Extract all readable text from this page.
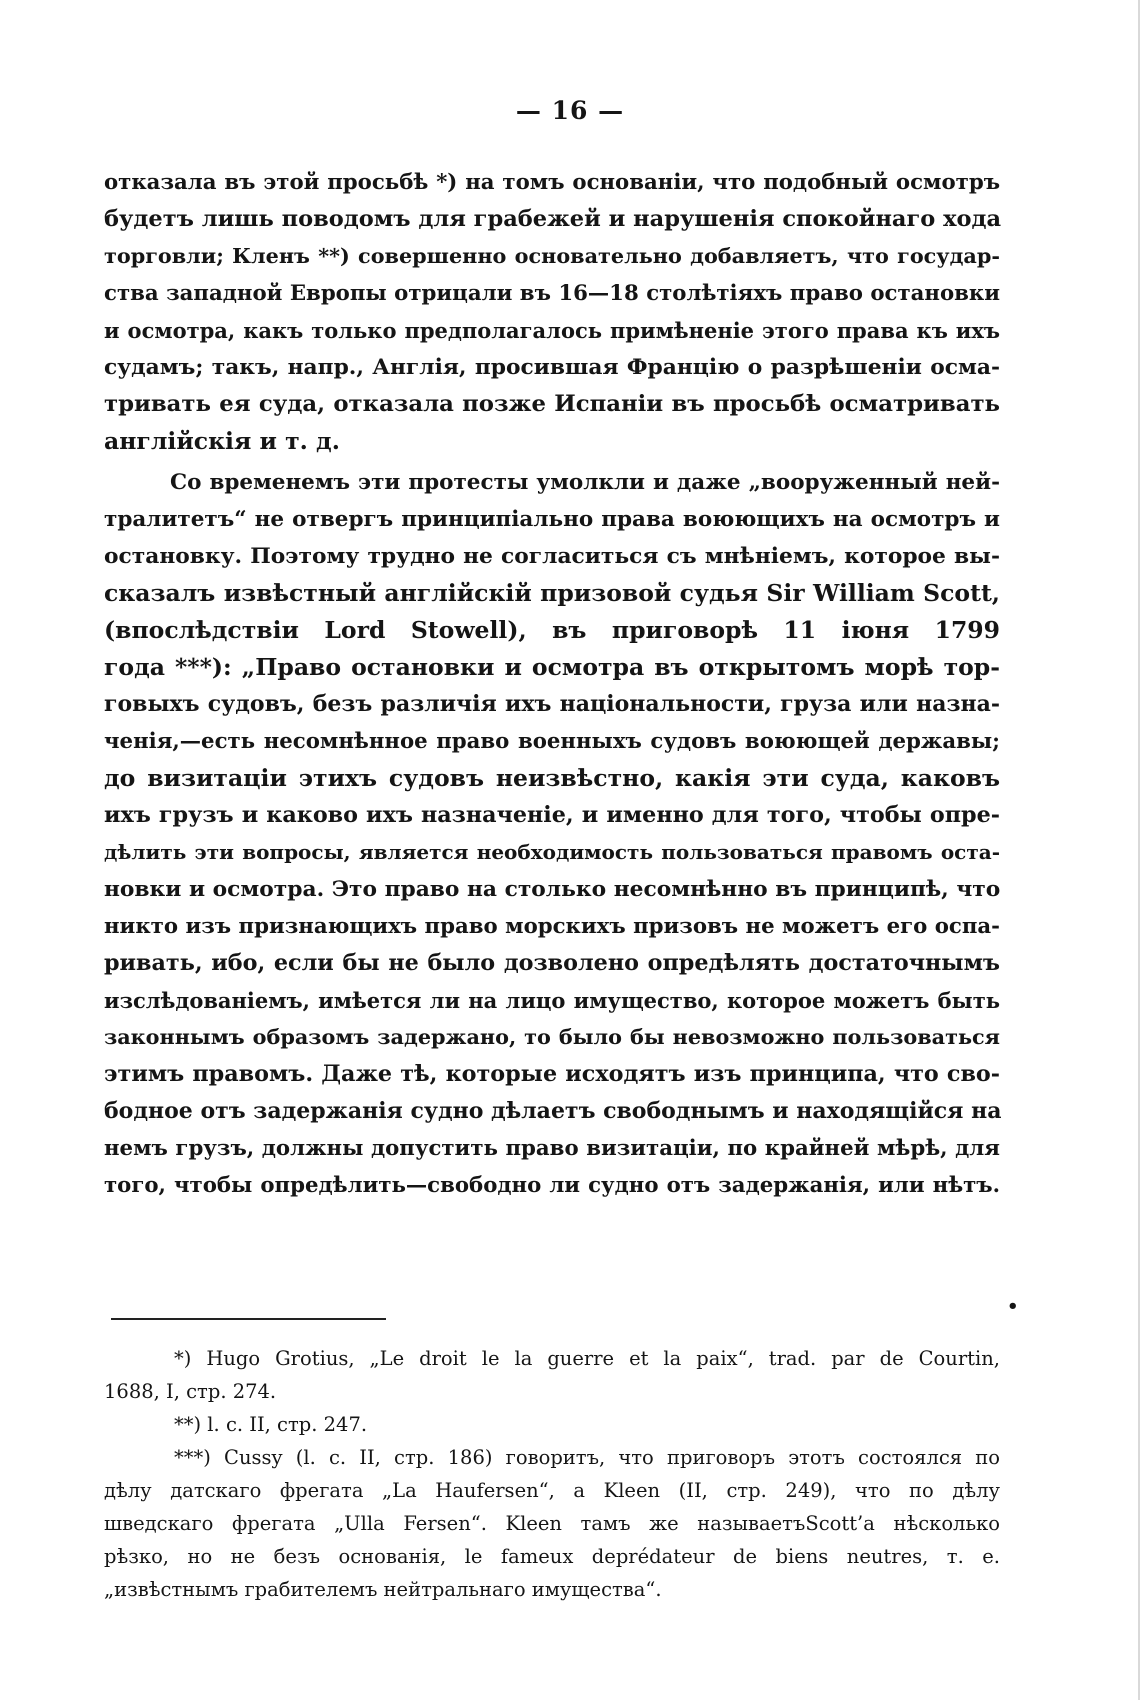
— 16 —
отказала въ этой просьбѣ *) на томъ основаніи, что подобный осмотръ
будетъ лишь поводомъ для грабежей и нарушенія спокойнаго хода
торговли; Кленъ **) совершенно основательно добавляетъ, что государ-
ства западной Европы отрицали въ 16—18 столѣтіяхъ право остановки
и осмотра, какъ только предполагалось примѣненіе этого права къ ихъ
судамъ; такъ, напр., Англія, просившая Францію о разрѣшеніи осма-
тривать ея суда, отказала позже Испаніи въ просьбѣ осматривать
англійскія и т. д.
Со временемъ эти протесты умолкли и даже „вооруженный ней-
тралитетъ“ не отвергъ принципіально права воюющихъ на осмотръ и
остановку. Поэтому трудно не согласиться съ мнѣніемъ, которое вы-
сказалъ извѣстный англійскій призовой судья Sir William Scott,
(впослѣдствіи Lord Stowell), въ приговорѣ 11 іюня 1799
года ***): „Право остановки и осмотра въ открытомъ морѣ тор-
говыхъ судовъ, безъ различія ихъ національности, груза или назна-
ченія,—есть несомнѣнное право военныхъ судовъ воюющей державы;
до визитаціи этихъ судовъ неизвѣстно, какія эти суда, каковъ
ихъ грузъ и каково ихъ назначеніе, и именно для того, чтобы опре-
дѣлить эти вопросы, является необходимость пользоваться правомъ оста-
новки и осмотра. Это право на столько несомнѣнно въ принципѣ, что
никто изъ признающихъ право морскихъ призовъ не можетъ его оспа-
ривать, ибо, если бы не было дозволено опредѣлять достаточнымъ
изслѣдованіемъ, имѣется ли на лицо имущество, которое можетъ быть
законнымъ образомъ задержано, то было бы невозможно пользоваться
этимъ правомъ. Даже тѣ, которые исходятъ изъ принципа, что сво-
бодное отъ задержанія судно дѣлаетъ свободнымъ и находящійся на
немъ грузъ, должны допустить право визитаціи, по крайней мѣрѣ, для
того, чтобы опредѣлить—свободно ли судно отъ задержанія, или нѣтъ.
•
*) Hugo Grotius, „Le droit le la guerre et la paix“, trad. par de Courtin,
1688, I, стр. 274.
**) l. c. II, стр. 247.
***) Cussy (l. c. II, стр. 186) говоритъ, что приговоръ этотъ состоялся по
дѣлу датскаго фрегата „La Haufersen“, а Kleen (II, стр. 249), что по дѣлу
шведскаго фрегата „Ulla Fersen“. Kleen тамъ же называетъScott’а нѣсколько
рѣзко, но не безъ основанія, le fameux deprédateur de biens neutres, т. е.
„извѣстнымъ грабителемъ нейтральнаго имущества“.
